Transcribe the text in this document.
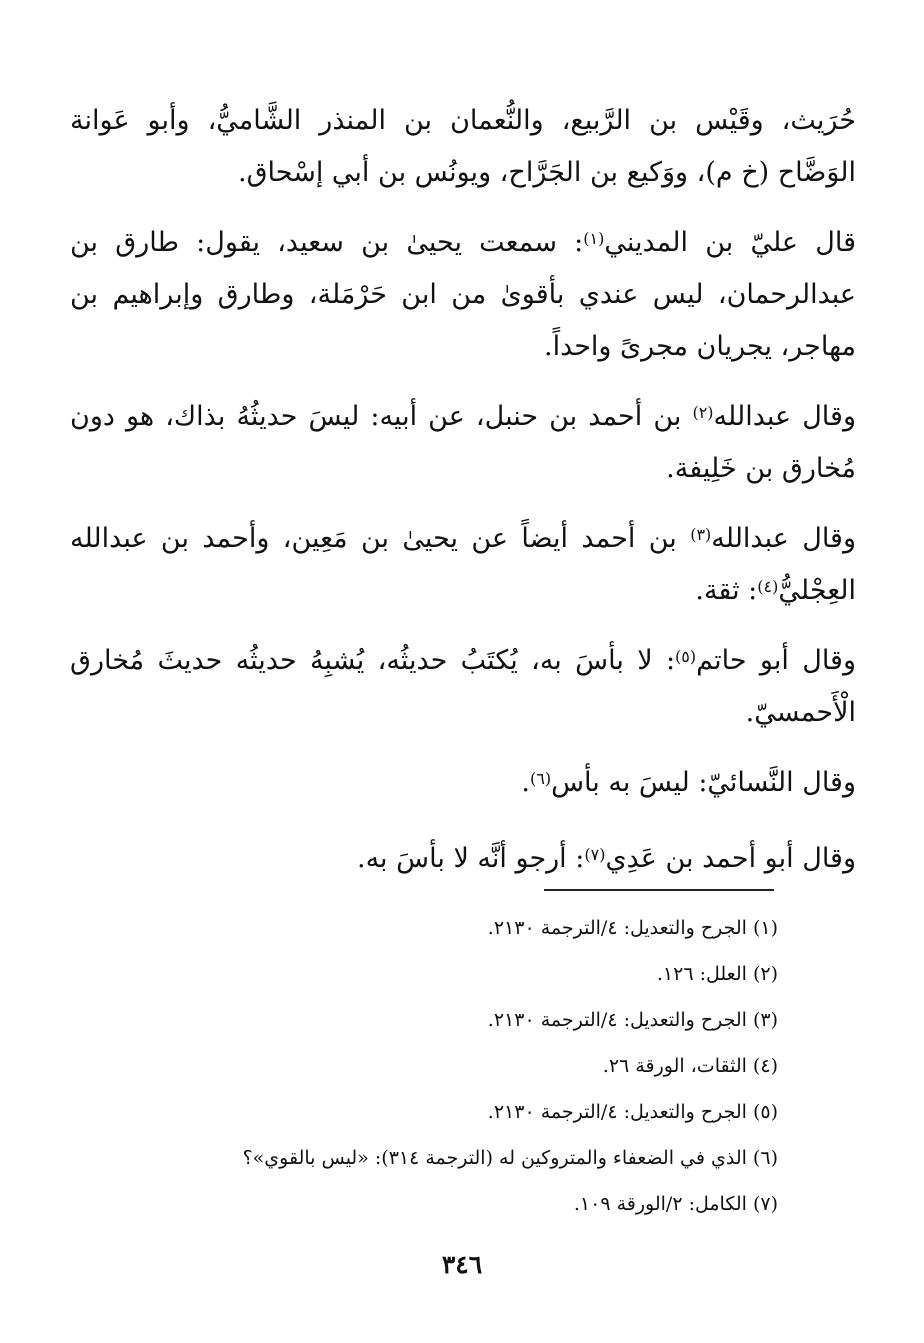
حُرَيث، وقَيْس بن الرَّبيع، والنُّعمان بن المنذر الشَّاميُّ، وأبو عَوانة الوَضَّاح (خ م)، ووَكيع بن الجَرَّاح، ويونُس بن أبي إسْحاق.

قال عليّ بن المديني$^{(١)}$: سمعت يحيىٰ بن سعيد، يقول: طارق بن عبدالرحمان، ليس عندي بأقوىٰ من ابن حَرْمَلة، وطارق وإبراهيم بن مهاجر، يجريان مجرىً واحداً.

وقال عبدالله$^{(٢)}$ بن أحمد بن حنبل، عن أبيه: ليسَ حديثُهُ بذاك، هو دون مُخارق بن خَلِيفة.

وقال عبدالله$^{(٣)}$ بن أحمد أيضاً عن يحيىٰ بن مَعِين، وأحمد بن عبدالله العِجْليُّ$^{(٤)}$: ثقة.

وقال أبو حاتم$^{(٥)}$: لا بأسَ به، يُكتَبُ حديثُه، يُشبِهُ حديثُه حديثَ مُخارق الْأَحمسيّ.

وقال النَّسائيّ: ليسَ به بأس$^{(٦)}$.

وقال أبو أحمد بن عَدِي$^{(٧)}$: أرجو أنَّه لا بأسَ به.

(١) الجرح والتعديل: ٤/الترجمة ٢١٣٠.
(٢) العلل: ١٢٦.
(٣) الجرح والتعديل: ٤/الترجمة ٢١٣٠.
(٤) الثقات، الورقة ٢٦.
(٥) الجرح والتعديل: ٤/الترجمة ٢١٣٠.
(٦) الذي في الضعفاء والمتروكين له (الترجمة ٣١٤): «ليس بالقوي»؟
(٧) الكامل: ٢/الورقة ١٠٩.
٣٤٦
